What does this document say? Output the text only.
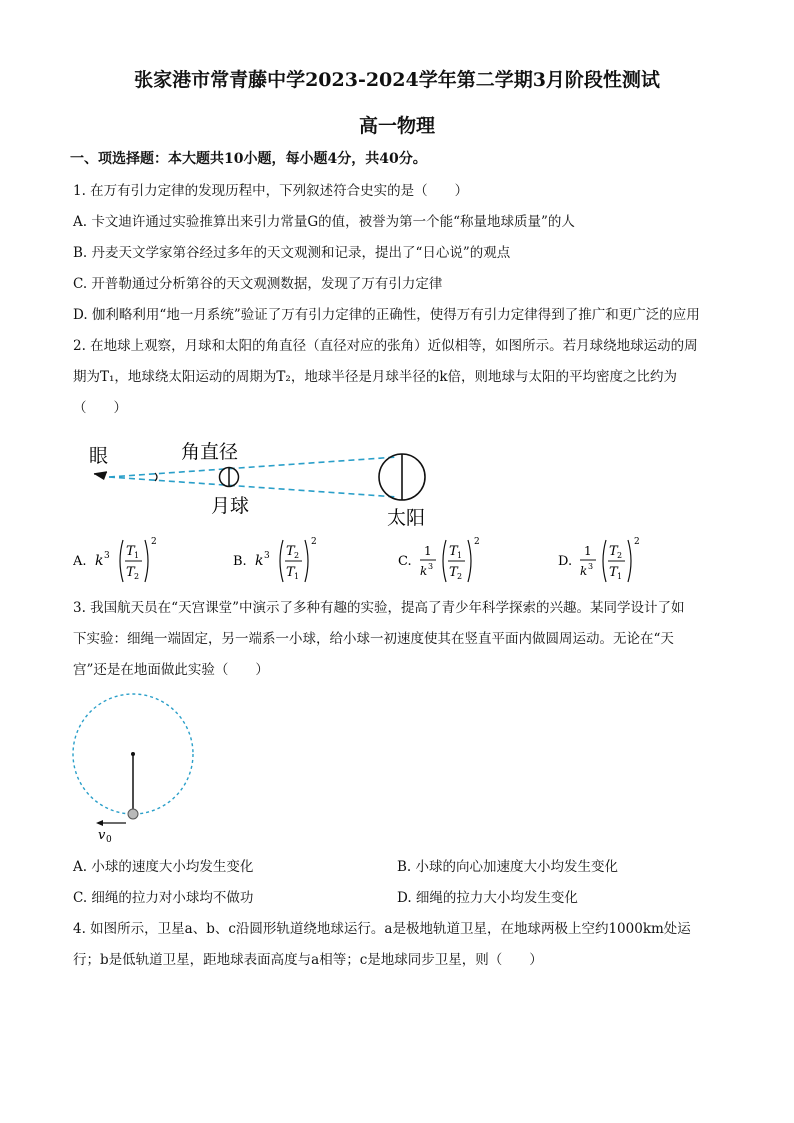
张家港市常青藤中学2023-2024学年第二学期3月阶段性测试
高一物理
一、项选择题：本大题共10小题，每小题4分，共40分。
1. 在万有引力定律的发现历程中，下列叙述符合史实的是（　　）
A. 卡文迪许通过实验推算出来引力常量G的值，被誉为第一个能“称量地球质量”的人
B. 丹麦天文学家第谷经过多年的天文观测和记录，提出了“日心说”的观点
C. 开普勒通过分析第谷的天文观测数据，发现了万有引力定律
D. 伽利略利用“地一月系统”验证了万有引力定律的正确性，使得万有引力定律得到了推广和更广泛的应用
2. 在地球上观察，月球和太阳的角直径（直径对应的张角）近似相等，如图所示。若月球绕地球运动的周
期为T₁，地球绕太阳运动的周期为T₂，地球半径是月球半径的k倍，则地球与太阳的平均密度之比约为
（　　）
眼	角直径
月球
太阳
A. k 3 T 1
T 2
2
B. k 3 T 2
T 1
2
C.
1
k 3
T 1
T 2
2
D.
1
k 3
T 2
T 1
2
3. 我国航天员在“天宫课堂”中演示了多种有趣的实验，提高了青少年科学探索的兴趣。某同学设计了如
下实验：细绳一端固定，另一端系一小球，给小球一初速度使其在竖直平面内做圆周运动。无论在“天
宫”还是在地面做此实验（　　）
v 0
A. 小球的速度大小均发生变化	B. 小球的向心加速度大小均发生变化
C. 细绳的拉力对小球均不做功	D. 细绳的拉力大小均发生变化
4. 如图所示，卫星a、b、c沿圆形轨道绕地球运行。a是极地轨道卫星，在地球两极上空约1000km处运
行；b是低轨道卫星，距地球表面高度与a相等；c是地球同步卫星，则（　　）
